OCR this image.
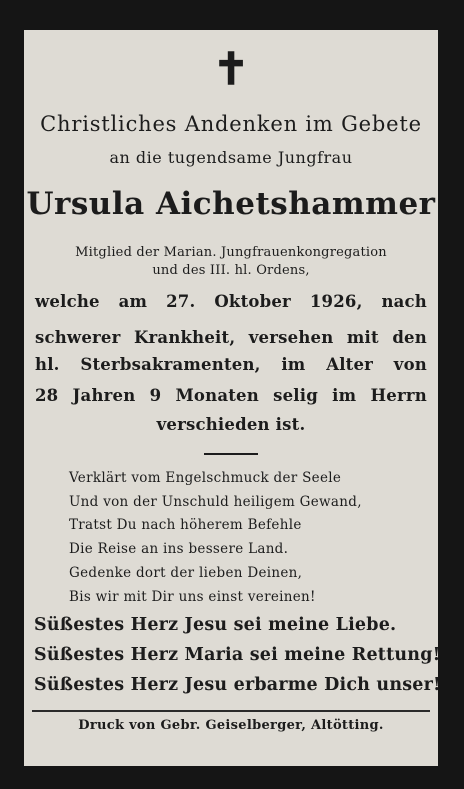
✝
Christliches Andenken im Gebete
an die tugendsame Jungfrau
Ursula Aichetshammer
Mitglied der Marian. Jungfrauenkongregation
und des III. hl. Ordens,
welche am 27. Oktober 1926, nach
schwerer Krankheit, versehen mit den
hl. Sterbsakramenten, im Alter von
28 Jahren 9 Monaten selig im Herrn
verschieden ist.
Verklärt vom Engelschmuck der Seele
Und von der Unschuld heiligem Gewand,
Tratst Du nach höherem Befehle
Die Reise an ins bessere Land.
Gedenke dort der lieben Deinen,
Bis wir mit Dir uns einst vereinen!
Süßestes Herz Jesu sei meine Liebe.
Süßestes Herz Maria sei meine Rettung!
Süßestes Herz Jesu erbarme Dich unser!
Druck von Gebr. Geiselberger, Altötting.
